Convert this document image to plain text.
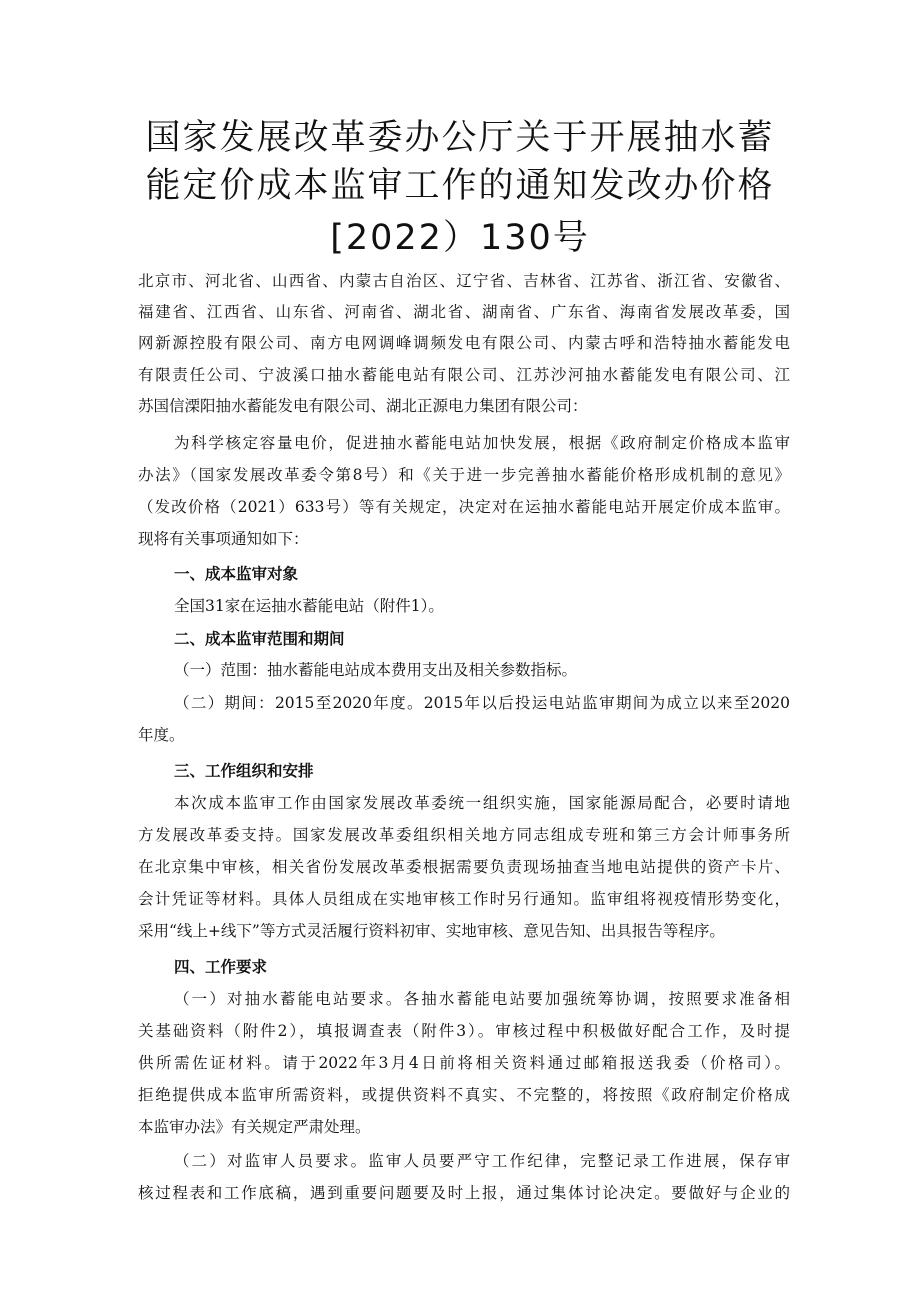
国家发展改革委办公厅关于开展抽水蓄
能定价成本监审工作的通知发改办价格
[2022）130号
北京市、河北省、山西省、内蒙古自治区、辽宁省、吉林省、江苏省、浙江省、安徽省、
福建省、江西省、山东省、河南省、湖北省、湖南省、广东省、海南省发展改革委，国
网新源控股有限公司、南方电网调峰调频发电有限公司、内蒙古呼和浩特抽水蓄能发电
有限责任公司、宁波溪口抽水蓄能电站有限公司、江苏沙河抽水蓄能发电有限公司、江
苏国信溧阳抽水蓄能发电有限公司、湖北正源电力集团有限公司：
为科学核定容量电价，促进抽水蓄能电站加快发展，根据《政府制定价格成本监审
办法》（国家发展改革委令第8号）和《关于进一步完善抽水蓄能价格形成机制的意见》
（发改价格（2021）633号）等有关规定，决定对在运抽水蓄能电站开展定价成本监审。
现将有关事项通知如下：
一、成本监审对象
全国31家在运抽水蓄能电站（附件1）。
二、成本监审范围和期间
（一）范围：抽水蓄能电站成本费用支出及相关参数指标。
（二）期间：2015至2020年度。2015年以后投运电站监审期间为成立以来至2020
年度。
三、工作组织和安排
本次成本监审工作由国家发展改革委统一组织实施，国家能源局配合，必要时请地
方发展改革委支持。国家发展改革委组织相关地方同志组成专班和第三方会计师事务所
在北京集中审核，相关省份发展改革委根据需要负责现场抽查当地电站提供的资产卡片、
会计凭证等材料。具体人员组成在实地审核工作时另行通知。监审组将视疫情形势变化，
采用“线上+线下”等方式灵活履行资料初审、实地审核、意见告知、出具报告等程序。
四、工作要求
（一）对抽水蓄能电站要求。各抽水蓄能电站要加强统筹协调，按照要求准备相
关基础资料（附件2），填报调查表（附件3）。审核过程中积极做好配合工作，及时提
供所需佐证材料。请于2022年3月4日前将相关资料通过邮箱报送我委（价格司）。
拒绝提供成本监审所需资料，或提供资料不真实、不完整的，将按照《政府制定价格成
本监审办法》有关规定严肃处理。
（二）对监审人员要求。监审人员要严守工作纪律，完整记录工作进展，保存审
核过程表和工作底稿，遇到重要问题要及时上报，通过集体讨论决定。要做好与企业的
